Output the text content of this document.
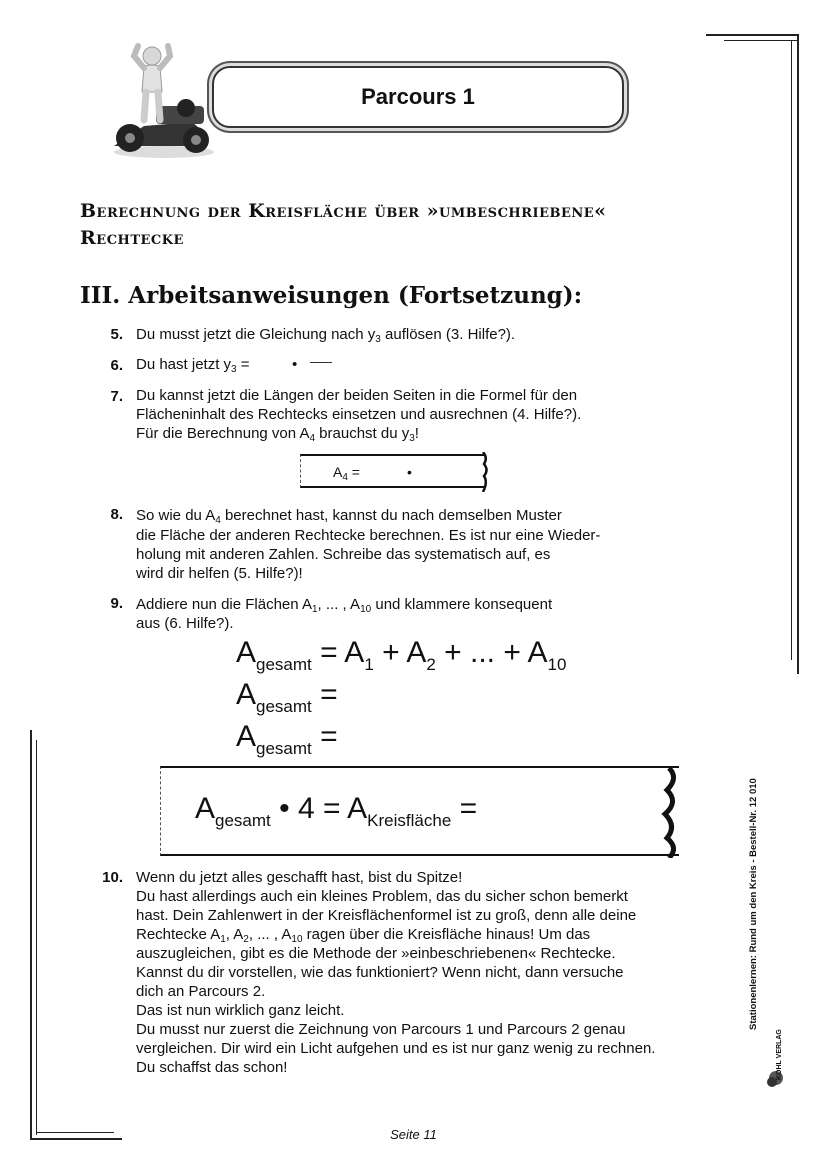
Parcours 1
Berechnung der Kreisfläche über »umbeschriebene«
Rechtecke
III. Arbeitsanweisungen (Fortsetzung):
5. Du musst jetzt die Gleichung nach $y_3$ auflösen (3. Hilfe?).
6. Du hast jetzt $y_3$ =	•
7. Du kannst jetzt die Längen der beiden Seiten in die Formel für den
Flächeninhalt des Rechtecks einsetzen und ausrechnen (4. Hilfe?).
Für die Berechnung von $A_4$ brauchst du $y_3$!
$A_4$ =	•
8. So wie du $A_4$ berechnet hast, kannst du nach demselben Muster
die Fläche der anderen Rechtecke berechnen. Es ist nur eine Wieder-
holung mit anderen Zahlen. Schreibe das systematisch auf, es
wird dir helfen (5. Hilfe?)!
9. Addiere nun die Flächen $A_1$, ... , $A_{10}$ und klammere konsequent
aus (6. Hilfe?).
$A_{gesamt} = A_1 + A_2$ + ... + $A_{10}$
$A_{gesamt}$ =
$A_{gesamt}$ =
$A_{gesamt}$ • $4 = A_{Kreisfläche}$ =
10. Wenn du jetzt alles geschafft hast, bist du Spitze!
Du hast allerdings auch ein kleines Problem, das du sicher schon bemerkt
hast. Dein Zahlenwert in der Kreisflächenformel ist zu groß, denn alle deine
Rechtecke $A_1$, $A_2$, ... , $A_{10}$ ragen über die Kreisfläche hinaus! Um das
auszugleichen, gibt es die Methode der »einbeschriebenen« Rechtecke.
Kannst du dir vorstellen, wie das funktioniert? Wenn nicht, dann versuche
dich an Parcours 2.
Das ist nun wirklich ganz leicht.
Du musst nur zuerst die Zeichnung von Parcours 1 und Parcours 2 genau
vergleichen. Dir wird ein Licht aufgehen und es ist nur ganz wenig zu rechnen.
Du schaffst das schon!
Stationenlernen: Rund um den Kreis - Bestell-Nr. 12 010
KOHL VERLAG
Seite 11
